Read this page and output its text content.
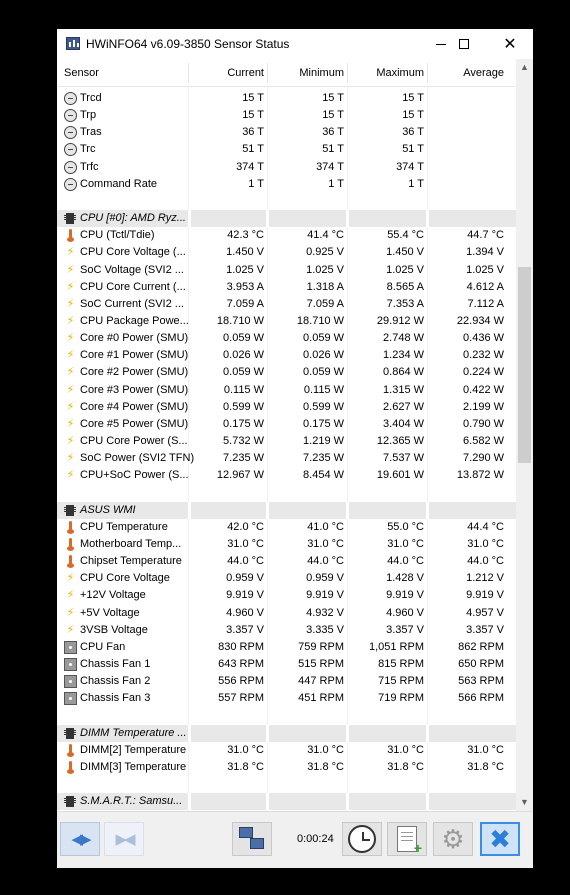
HWiNFO64 v6.09-3850 Sensor Status	✕
Sensor	Current	Minimum	Maximum	Average
Trcd	15 T	15 T	15 T
Trp	15 T	15 T	15 T
Tras	36 T	36 T	36 T
Trc	51 T	51 T	51 T
Trfc	374 T	374 T	374 T
Command Rate	1 T	1 T	1 T
CPU [#0]: AMD Ryz...
CPU (Tctl/Tdie)	42.3 °C	41.4 °C	55.4 °C	44.7 °C
⚡ CPU Core Voltage (...	1.450 V	0.925 V	1.450 V	1.394 V
⚡ SoC Voltage (SVI2 ...	1.025 V	1.025 V	1.025 V	1.025 V
⚡ CPU Core Current (...	3.953 A	1.318 A	8.565 A	4.612 A
⚡ SoC Current (SVI2 ...	7.059 A	7.059 A	7.353 A	7.112 A
⚡ CPU Package Powe...	18.710 W	18.710 W	29.912 W	22.934 W
⚡ Core #0 Power (SMU)	0.059 W	0.059 W	2.748 W	0.436 W
⚡ Core #1 Power (SMU)	0.026 W	0.026 W	1.234 W	0.232 W
⚡ Core #2 Power (SMU)	0.059 W	0.059 W	0.864 W	0.224 W
⚡ Core #3 Power (SMU)	0.115 W	0.115 W	1.315 W	0.422 W
⚡ Core #4 Power (SMU)	0.599 W	0.599 W	2.627 W	2.199 W
⚡ Core #5 Power (SMU)	0.175 W	0.175 W	3.404 W	0.790 W
⚡ CPU Core Power (S...	5.732 W	1.219 W	12.365 W	6.582 W
⚡ SoC Power (SVI2 TFN)	7.235 W	7.235 W	7.537 W	7.290 W
⚡ CPU+SoC Power (S...	12.967 W	8.454 W	19.601 W	13.872 W
ASUS WMI
CPU Temperature	42.0 °C	41.0 °C	55.0 °C	44.4 °C
Motherboard Temp...	31.0 °C	31.0 °C	31.0 °C	31.0 °C
Chipset Temperature	44.0 °C	44.0 °C	44.0 °C	44.0 °C
⚡ CPU Core Voltage	0.959 V	0.959 V	1.428 V	1.212 V
⚡ +12V Voltage	9.919 V	9.919 V	9.919 V	9.919 V
⚡ +5V Voltage	4.960 V	4.932 V	4.960 V	4.957 V
⚡ 3VSB Voltage	3.357 V	3.335 V	3.357 V	3.357 V
CPU Fan	830 RPM	759 RPM	1,051 RPM	862 RPM
Chassis Fan 1	643 RPM	515 RPM	815 RPM	650 RPM
Chassis Fan 2	556 RPM	447 RPM	715 RPM	563 RPM
Chassis Fan 3	557 RPM	451 RPM	719 RPM	566 RPM
DIMM Temperature ...
DIMM[2] Temperature	31.0 °C	31.0 °C	31.0 °C	31.0 °C
DIMM[3] Temperature	31.8 °C	31.8 °C	31.8 °C	31.8 °C
S.M.A.R.T.: Samsu...
▲
▼
◀▶ ▶◀	0:00:24
+ ⚙ ✖
